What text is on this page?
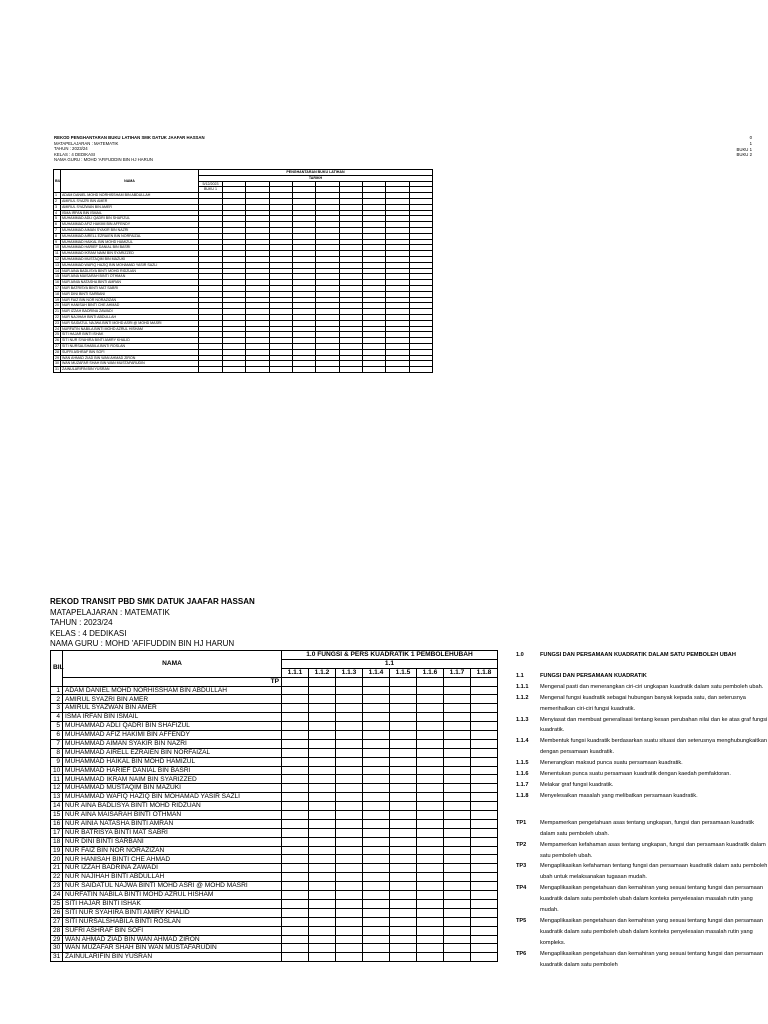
REKOD PENGHANTARAN BUKU LATIHAN SMK DATUK JAAFAR HASSAN
MATAPELAJARAN : MATEMATIK
TAHUN : 2023/24
KELAS : 4 DEDIKASI
NAMA GURU : MOHD 'AFIFUDDIN BIN HJ HARUN
0
1
BUKU 1
BUKU 2
BIL	NAMA	PENGHANTARAN BUKU LATIHAN									
		TARIKH									
		5/12/2023									
		BUKU 1									
1	ADAM DANIEL MOHD NORHISSHAM BIN ABDULLAH										
2	AMIRUL SYAZRI BIN AMER										
3	AMIRUL SYAZWAN BIN AMER										
4	ISMA IRFAN BIN ISMAIL										
5	MUHAMMAD ADLI QADRI BIN SHAFIZUL										
6	MUHAMMAD AFIZ HAKIMI BIN AFFENDY										
7	MUHAMMAD AIMAN SYAKIR BIN NAZRI										
8	MUHAMMAD AIRELL EZRAIEN BIN NORFAIZAL										
9	MUHAMMAD HAIKAL BIN MOHD HAMIZUL										
10	MUHAMMAD HARIEF DANIAL BIN BASRI										
11	MUHAMMAD IKRAM NAIM BIN SYARIZZED										
12	MUHAMMAD MUSTAQIM BIN MAZUKI										
13	MUHAMMAD WAFIQ HAZIQ BIN MOHAMAD YASIR SAZLI										
14	NUR AINA BADLISYA BINTI MOHD RIDZUAN										
15	NUR AINA MAISARAH BINTI OTHMAN										
16	NUR AINIA NATASHA BINTI AMRAN										
17	NUR BATRISYA BINTI MAT SABRI										
18	NUR DINI BINTI SARBANI										
19	NUR FAIZ BIN NOR NORAZIZAN										
20	NUR HANISAH BINTI CHE AHMAD										
21	NUR IZZAH BADRINA ZAWADI										
22	NUR NAJIHAH BINTI ABDULLAH										
23	NUR SAIDATUL NAJWA BINTI MOHD ASRI @ MOHD MASRI										
24	NURFATIN NABILA BINTI MOHD AZRUL HISHAM										
25	SITI HAJAR BINTI ISHAK										
26	SITI NUR SYAHIRA BINTI AMIRY KHALID										
27	SITI NURSALSHABILA BINTI ROSLAN										
28	SUFRI ASHRAF BIN SOFI										
29	WAN AHMAD ZIAD BIN WAN AHMAD ZIRON										
30	WAN MUZAFAR SHAH BIN WAN MUSTAFARUDIN										
31	ZAINULARIFIN BIN YUSRAN										
REKOD TRANSIT PBD SMK DATUK JAAFAR HASSAN
MATAPELAJARAN : MATEMATIK
TAHUN : 2023/24
KELAS : 4 DEDIKASI
NAMA GURU : MOHD 'AFIFUDDIN BIN HJ HARUN
BIL	NAMA	1.0 FUNGSI & PERS KUADRATIK 1 PEMBOLEHUBAH							
		1.1							
		1.1.1	1.1.2	1.1.3	1.1.4	1.1.5	1.1.6	1.1.7	1.1.8
	TP								
1	ADAM DANIEL MOHD NORHISSHAM BIN ABDULLAH								
2	AMIRUL SYAZRI BIN AMER								
3	AMIRUL SYAZWAN BIN AMER								
4	ISMA IRFAN BIN ISMAIL								
5	MUHAMMAD ADLI QADRI BIN SHAFIZUL								
6	MUHAMMAD AFIZ HAKIMI BIN AFFENDY								
7	MUHAMMAD AIMAN SYAKIR BIN NAZRI								
8	MUHAMMAD AIRELL EZRAIEN BIN NORFAIZAL								
9	MUHAMMAD HAIKAL BIN MOHD HAMIZUL								
10	MUHAMMAD HARIEF DANIAL BIN BASRI								
11	MUHAMMAD IKRAM NAIM BIN SYARIZZED								
12	MUHAMMAD MUSTAQIM BIN MAZUKI								
13	MUHAMMAD WAFIQ HAZIQ BIN MOHAMAD YASIR SAZLI								
14	NUR AINA BADLISYA BINTI MOHD RIDZUAN								
15	NUR AINA MAISARAH BINTI OTHMAN								
16	NUR AINIA NATASHA BINTI AMRAN								
17	NUR BATRISYA BINTI MAT SABRI								
18	NUR DINI BINTI SARBANI								
19	NUR FAIZ BIN NOR NORAZIZAN								
20	NUR HANISAH BINTI CHE AHMAD								
21	NUR IZZAH BADRINA ZAWADI								
22	NUR NAJIHAH BINTI ABDULLAH								
23	NUR SAIDATUL NAJWA BINTI MOHD ASRI @ MOHD MASRI								
24	NURFATIN NABILA BINTI MOHD AZRUL HISHAM								
25	SITI HAJAR BINTI ISHAK								
26	SITI NUR SYAHIRA BINTI AMIRY KHALID								
27	SITI NURSALSHABILA BINTI ROSLAN								
28	SUFRI ASHRAF BIN SOFI								
29	WAN AHMAD ZIAD BIN WAN AHMAD ZIRON								
30	WAN MUZAFAR SHAH BIN WAN MUSTAFARUDIN								
31	ZAINULARIFIN BIN YUSRAN								
1.0	FUNGSI DAN PERSAMAAN KUADRATIK DALAM SATU PEMBOLEH UBAH
1.1	FUNGSI DAN PERSAMAAN KUADRATIK
1.1.1	Mengenal pasti dan menerangkan ciri-ciri ungkapan kuadratik dalam satu pemboleh ubah.
1.1.2	Mengenal fungsi kuadratik sebagai hubungan banyak kepada satu, dan seterusnya memerihalkan ciri-ciri fungsi kuadratik.
1.1.3	Menyiasat dan membuat generalisasi tentang kesan perubahan nilai dan ke atas graf fungsi kuadratik.
1.1.4	Membentuk fungsi kuadratik berdasarkan suatu situasi dan seterusnya menghubungkaitkan dengan persamaan kuadratik.
1.1.5	Menerangkan maksud punca suatu persamaan kuadratik.
1.1.6	Menentukan punca suatu persamaan kuadratik dengan kaedah pemfaktoran.
1.1.7	Melakar graf fungsi kuadratik.
1.1.8	Menyelesaikan masalah yang melibatkan persamaan kuadratik.
TP1	Mempamerkan pengetahuan asas tentang ungkapan, fungsi dan persamaan kuadratik dalam satu pemboleh ubah.
TP2	Mempamerkan kefahaman asas tentang ungkapan, fungsi dan persamaan kuadratik dalam satu pemboleh ubah.
TP3	Mengaplikasikan kefahaman tentang fungsi dan persamaan kuadratik dalam satu pemboleh ubah untuk melaksanakan tugasan mudah.
TP4	Mengaplikasikan pengetahuan dan kemahiran yang sesuai tentang fungsi dan persamaan kuadratik dalam satu pemboleh ubah dalam konteks penyelesaian masalah rutin yang mudah.
TP5	Mengaplikasikan pengetahuan dan kemahiran yang sesuai tentang fungsi dan persamaan kuadratik dalam satu pemboleh ubah dalam konteks penyelesaian masalah rutin yang kompleks.
TP6	Mengaplikasikan pengetahuan dan kemahiran yang sesuai tentang fungsi dan persamaan kuadratik dalam satu pemboleh
